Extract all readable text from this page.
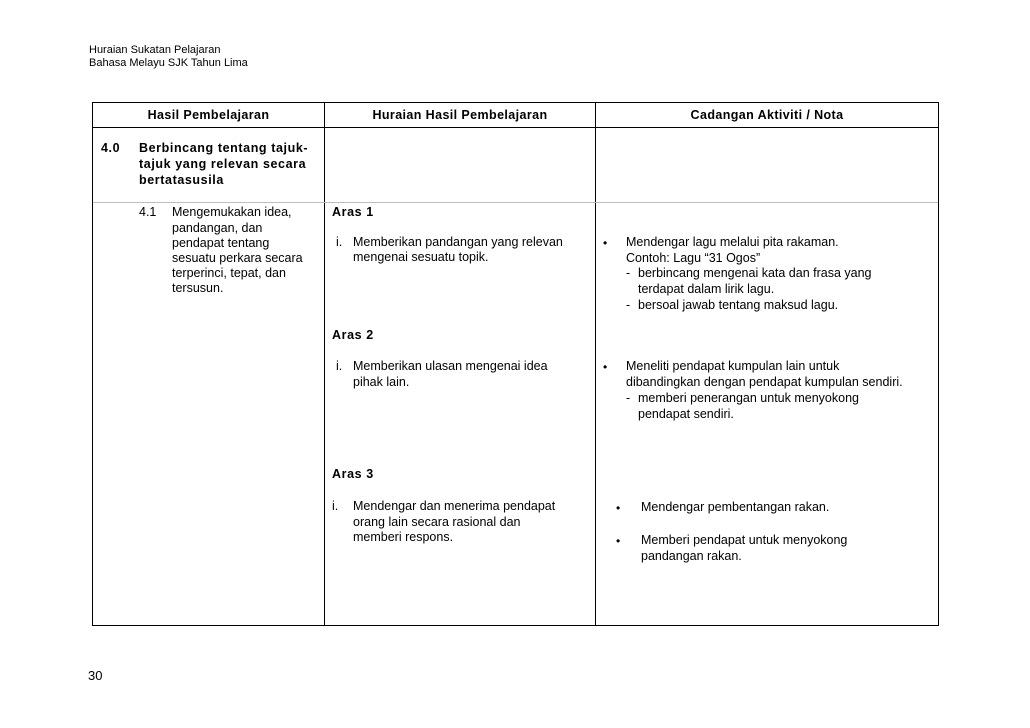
Huraian Sukatan Pelajaran
Bahasa Melayu SJK Tahun Lima
Hasil Pembelajaran	Huraian Hasil Pembelajaran	Cadangan Aktiviti / Nota
4.0 Berbincang tentang tajuk-
tajuk yang relevan secara
bertatasusila
4.1 Mengemukakan idea,
pandangan, dan
pendapat tentang
sesuatu perkara secara
terperinci, tepat, dan
tersusun.
Aras 1
i. Memberikan pandangan yang relevan
mengenai sesuatu topik.
• Mendengar lagu melalui pita rakaman.
Contoh: Lagu “31 Ogos”
- berbincang mengenai kata dan frasa yang
terdapat dalam lirik lagu.
- bersoal jawab tentang maksud lagu.
Aras 2
i. Memberikan ulasan mengenai idea
pihak lain.
• Meneliti pendapat kumpulan lain untuk
dibandingkan dengan pendapat kumpulan sendiri.
- memberi penerangan untuk menyokong
pendapat sendiri.
Aras 3
i. Mendengar dan menerima pendapat
orang lain secara rasional dan
memberi respons.
• Mendengar pembentangan rakan.
• Memberi pendapat untuk menyokong
pandangan rakan.
30
